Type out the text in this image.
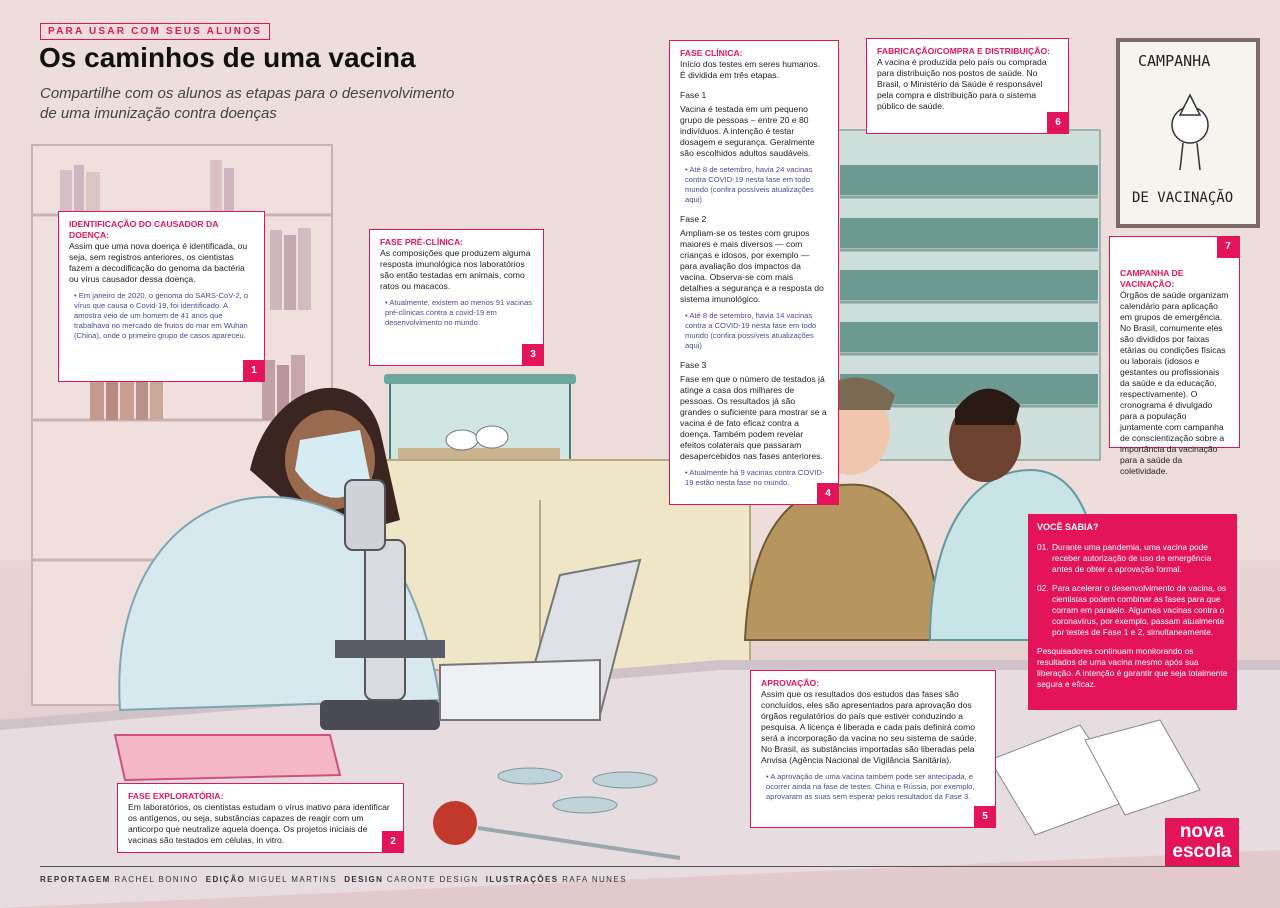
PARA USAR COM SEUS ALUNOS
Os caminhos de uma vacina

Compartilhe com os alunos as etapas para o desenvolvimento de uma imunização contra doenças

CAMPANHA
DE VACINAÇÃO
IDENTIFICAÇÃO DO CAUSADOR DA DOENÇA:

Assim que uma nova doença é identificada, ou seja, sem registros anteriores, os cientistas fazem a decodificação do genoma da bactéria ou vírus causador dessa doença.

• Em janeiro de 2020, o genoma do SARS-CoV-2, o vírus que causa o Covid-19, foi identificado. A amostra veio de um homem de 41 anos que trabalhava no mercado de frutos do mar em Wuhan (China), onde o primeiro grupo de casos apareceu.

1
FASE EXPLORATÓRIA:

Em laboratórios, os cientistas estudam o vírus inativo para identificar os antígenos, ou seja, substâncias capazes de reagir com um anticorpo que neutralize aquela doença. Os projetos iniciais de vacinas são testados em células, in vitro.	2
FASE PRÉ-CLÍNICA:

As composições que produzem alguma resposta imunológica nos laboratórios são então testadas em animais, como ratos ou macacos.

• Atualmente, existem ao menos 91 vacinas pré-clínicas contra a covid-19 em desenvolvimento no mundo.

3
FASE CLÍNICA:

Início dos testes em seres humanos. É dividida em três etapas.

Fase 1

Vacina é testada em um pequeno grupo de pessoas – entre 20 e 80 indivíduos. A intenção é testar dosagem e segurança. Geralmente são escolhidos adultos saudáveis.

• Até 8 de setembro, havia 24 vacinas contra COVID-19 nesta fase em todo mundo (confira possíveis atualizações aqui)

Fase 2

Ampliam-se os testes com grupos maiores e mais diversos — com crianças e idosos, por exemplo — para avaliação dos impactos da vacina. Observa-se com mais detalhes a segurança e a resposta do sistema imunológico.

• Até 8 de setembro, havia 14 vacinas contra a COVID-19 nesta fase em todo mundo (confira possíveis atualizações aqui)

Fase 3

Fase em que o número de testados já atinge a casa dos milhares de pessoas. Os resultados já são grandes o suficiente para mostrar se a vacina é de fato eficaz contra a doença. Também podem revelar efeitos colaterais que passaram desapercebidos nas fases anteriores.

• Atualmente há 9 vacinas contra COVID-19 estão nesta fase no mundo.

4
APROVAÇÃO:

Assim que os resultados dos estudos das fases são concluídos, eles são apresentados para aprovação dos órgãos regulatórios do país que estiver conduzindo a pesquisa. A licença é liberada e cada país definirá como será a incorporação da vacina no seu sistema de saúde. No Brasil, as substâncias importadas são liberadas pela Anvisa (Agência Nacional de Vigilância Sanitária).

• A aprovação de uma vacina também pode ser antecipada, e ocorrer ainda na fase de testes. China e Rússia, por exemplo, aprovaram as suas sem esperar pelos resultados da Fase 3.

5
FABRICAÇÃO/COMPRA E DISTRIBUIÇÃO:

A vacina é produzida pelo país ou comprada para distribuição nos postos de saúde. No Brasil, o Ministério da Saúde é responsável pela compra e distribuição para o sistema público de saúde.

6
7
CAMPANHA DE VACINAÇÃO:

Órgãos de saúde organizam calendário para aplicação em grupos de emergência. No Brasil, comumente eles são divididos por faixas etárias ou condições físicas ou laborais (idosos e gestantes ou profissionais da saúde e da educação, respectivamente). O cronograma é divulgado para a população juntamente com campanha de conscientização sobre a importância da vacinação para a saúde da coletividade.

VOCÊ SABIA?
01. Durante uma pandemia, uma vacina pode receber autorização de uso de emergência antes de obter a aprovação formal.

02. Para acelerar o desenvolvimento da vacina, os cientistas podem combinar as fases para que corram em paralelo. Algumas vacinas contra o coronavírus, por exemplo, passam atualmente por testes de Fase 1 e 2, simultaneamente.

Pesquisadores continuam monitorando os resultados de uma vacina mesmo após sua liberação. A intenção é garantir que seja totalmente segura e eficaz.

nova
escola
REPORTAGEM RACHEL BONINO EDIÇÃO MIGUEL MARTINS DESIGN CARONTE DESIGN ILUSTRAÇÕES RAFA NUNES
